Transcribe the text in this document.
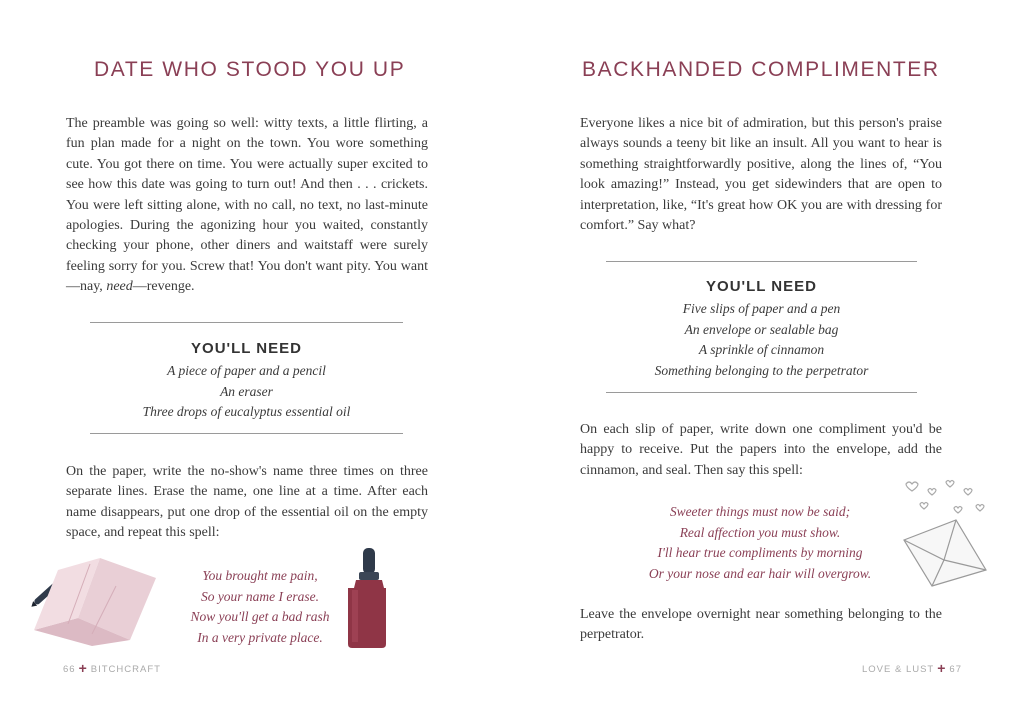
DATE WHO STOOD YOU UP

The preamble was going so well: witty texts, a little flirting, a fun plan made for a night on the town. You wore something cute. You got there on time. You were actually super excited to see how this date was going to turn out! And then . . . crickets. You were left sitting alone, with no call, no text, no last-minute apologies. During the agonizing hour you waited, constantly checking your phone, other diners and waitstaff were surely feeling sorry for you. Screw that! You don't want pity. You want—nay, need—revenge.

YOU'LL NEED
A piece of paper and a pencil
An eraser
Three drops of eucalyptus essential oil

On the paper, write the no-show's name three times on three separate lines. Erase the name, one line at a time. After each name disappears, put one drop of the essential oil on the empty space, and repeat this spell:

You brought me pain,
So your name I erase.
Now you'll get a bad rash
In a very private place.
66 + BITCHCRAFT
BACKHANDED COMPLIMENTER

Everyone likes a nice bit of admiration, but this person's praise always sounds a teeny bit like an insult. All you want to hear is something straightforwardly positive, along the lines of, “You look amazing!” Instead, you get sidewinders that are open to interpretation, like, “It's great how OK you are with dressing for comfort.” Say what?

YOU'LL NEED
Five slips of paper and a pen
An envelope or sealable bag
A sprinkle of cinnamon
Something belonging to the perpetrator

On each slip of paper, write down one compliment you'd be happy to receive. Put the papers into the envelope, add the cinnamon, and seal. Then say this spell:

Sweeter things must now be said;
Real affection you must show.
I'll hear true compliments by morning
Or your nose and ear hair will overgrow.

Leave the envelope overnight near something belonging to the perpetrator.

LOVE & LUST + 67
